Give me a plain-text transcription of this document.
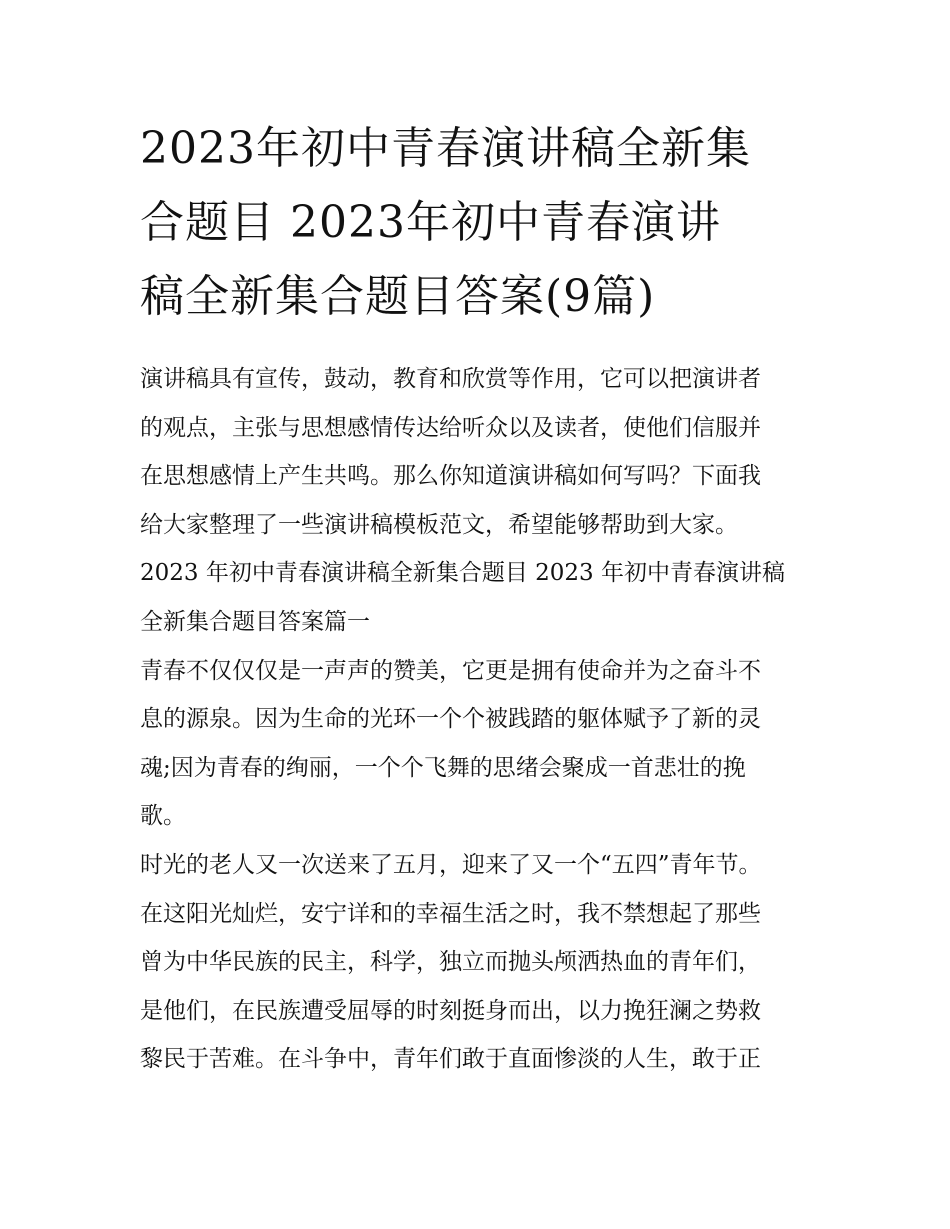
2023年初中青春演讲稿全新集
合题目 2023年初中青春演讲
稿全新集合题目答案(9篇)
演讲稿具有宣传，鼓动，教育和欣赏等作用，它可以把演讲者
的观点，主张与思想感情传达给听众以及读者，使他们信服并
在思想感情上产生共鸣。那么你知道演讲稿如何写吗？下面我
给大家整理了一些演讲稿模板范文，希望能够帮助到大家。
2023 年初中青春演讲稿全新集合题目 2023 年初中青春演讲稿
全新集合题目答案篇一
青春不仅仅仅是一声声的赞美，它更是拥有使命并为之奋斗不
息的源泉。因为生命的光环一个个被践踏的躯体赋予了新的灵
魂;因为青春的绚丽，一个个飞舞的思绪会聚成一首悲壮的挽
歌。
时光的老人又一次送来了五月，迎来了又一个“五四”青年节。
在这阳光灿烂，安宁详和的幸福生活之时，我不禁想起了那些
曾为中华民族的民主，科学，独立而抛头颅洒热血的青年们，
是他们，在民族遭受屈辱的时刻挺身而出，以力挽狂澜之势救
黎民于苦难。在斗争中，青年们敢于直面惨淡的人生，敢于正
